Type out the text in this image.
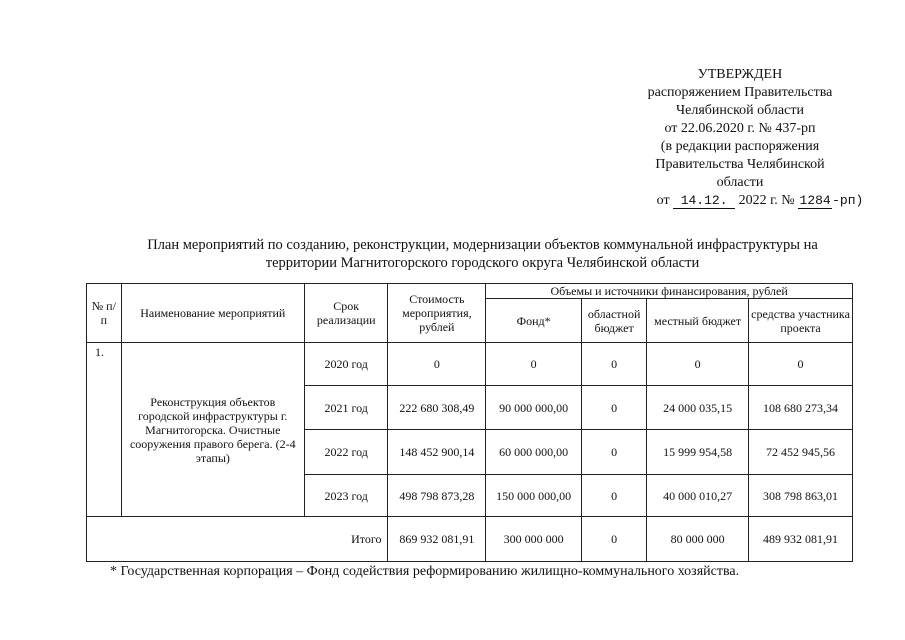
УТВЕРЖДЕН
распоряжением Правительства
Челябинской области
от 22.06.2020 г. № 437-рп
(в редакции распоряжения
Правительства Челябинской
области
от 14.12. 2022 г. № 1284-рп)
План мероприятий по созданию, реконструкции, модернизации объектов коммунальной инфраструктуры на
территории Магнитогорского городского округа Челябинской области
№ п/п	Наименование мероприятий	Срок реализации	Стоимость мероприятия, рублей	Объемы и источники финансирования, рублей			
				Фонд*	областной бюджет	местный бюджет	средства участника проекта
1.	Реконструкция объектов городской инфраструктуры г. Магнитогорска. Очистные сооружения правого берега. (2-4 этапы)	2020 год	0	0	0	0	0
		2021 год	222 680 308,49	90 000 000,00	0	24 000 035,15	108 680 273,34
		2022 год	148 452 900,14	60 000 000,00	0	15 999 954,58	72 452 945,56
		2023 год	498 798 873,28	150 000 000,00	0	40 000 010,27	308 798 863,01
Итого			869 932 081,91	300 000 000	0	80 000 000	489 932 081,91
* Государственная корпорация – Фонд содействия реформированию жилищно-коммунального хозяйства.
